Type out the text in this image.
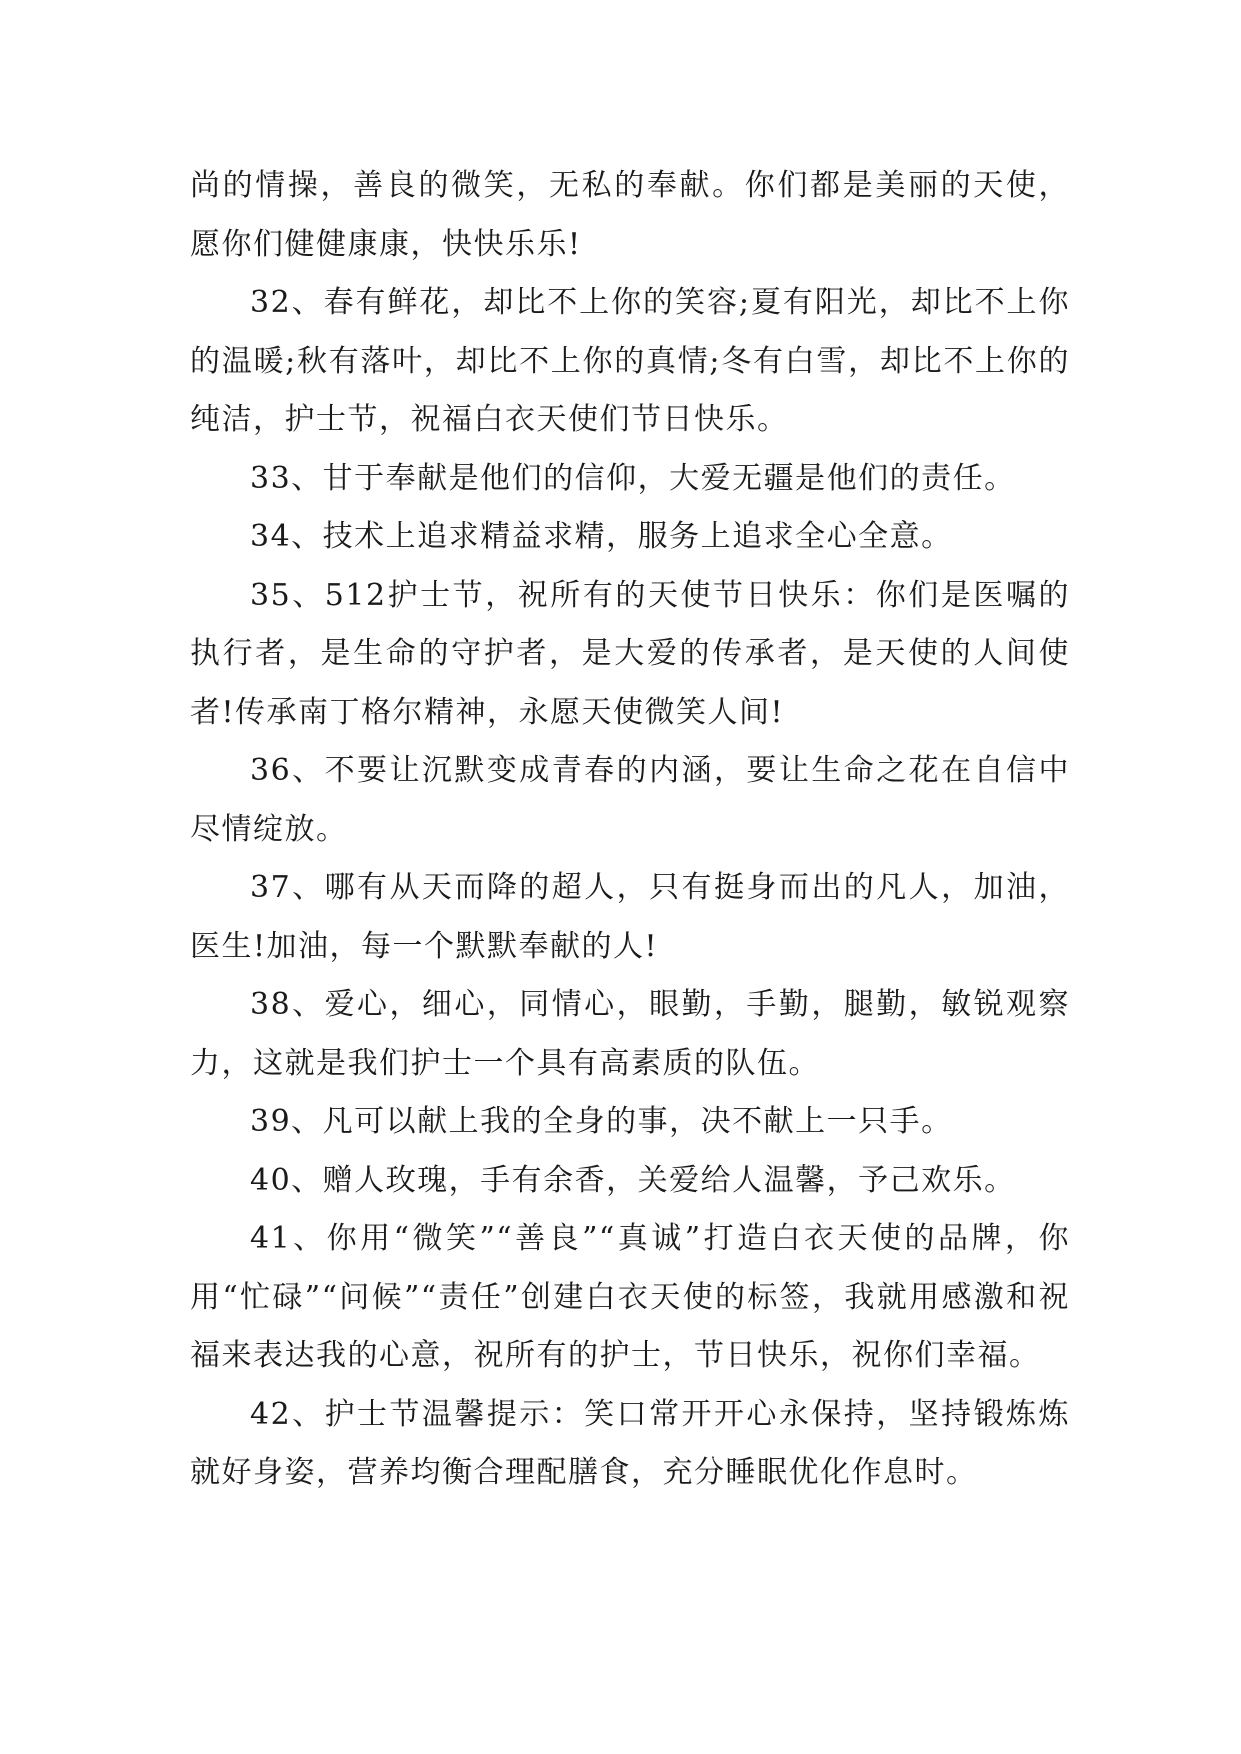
尚的情操，善良的微笑，无私的奉献。你们都是美丽的天使，愿你们健健康康，快快乐乐!

32、春有鲜花，却比不上你的笑容;夏有阳光，却比不上你的温暖;秋有落叶，却比不上你的真情;冬有白雪，却比不上你的纯洁，护士节，祝福白衣天使们节日快乐。

33、甘于奉献是他们的信仰，大爱无疆是他们的责任。

34、技术上追求精益求精，服务上追求全心全意。

35、512护士节，祝所有的天使节日快乐：你们是医嘱的执行者，是生命的守护者，是大爱的传承者，是天使的人间使者!传承南丁格尔精神，永愿天使微笑人间!

36、不要让沉默变成青春的内涵，要让生命之花在自信中尽情绽放。

37、哪有从天而降的超人，只有挺身而出的凡人，加油，医生!加油，每一个默默奉献的人!

38、爱心，细心，同情心，眼勤，手勤，腿勤，敏锐观察力，这就是我们护士一个具有高素质的队伍。

39、凡可以献上我的全身的事，决不献上一只手。

40、赠人玫瑰，手有余香，关爱给人温馨，予己欢乐。

41、你用“微笑”“善良”“真诚”打造白衣天使的品牌，你用“忙碌”“问候”“责任”创建白衣天使的标签，我就用感激和祝福来表达我的心意，祝所有的护士，节日快乐，祝你们幸福。

42、护士节温馨提示：笑口常开开心永保持，坚持锻炼炼就好身姿，营养均衡合理配膳食，充分睡眠优化作息时。
